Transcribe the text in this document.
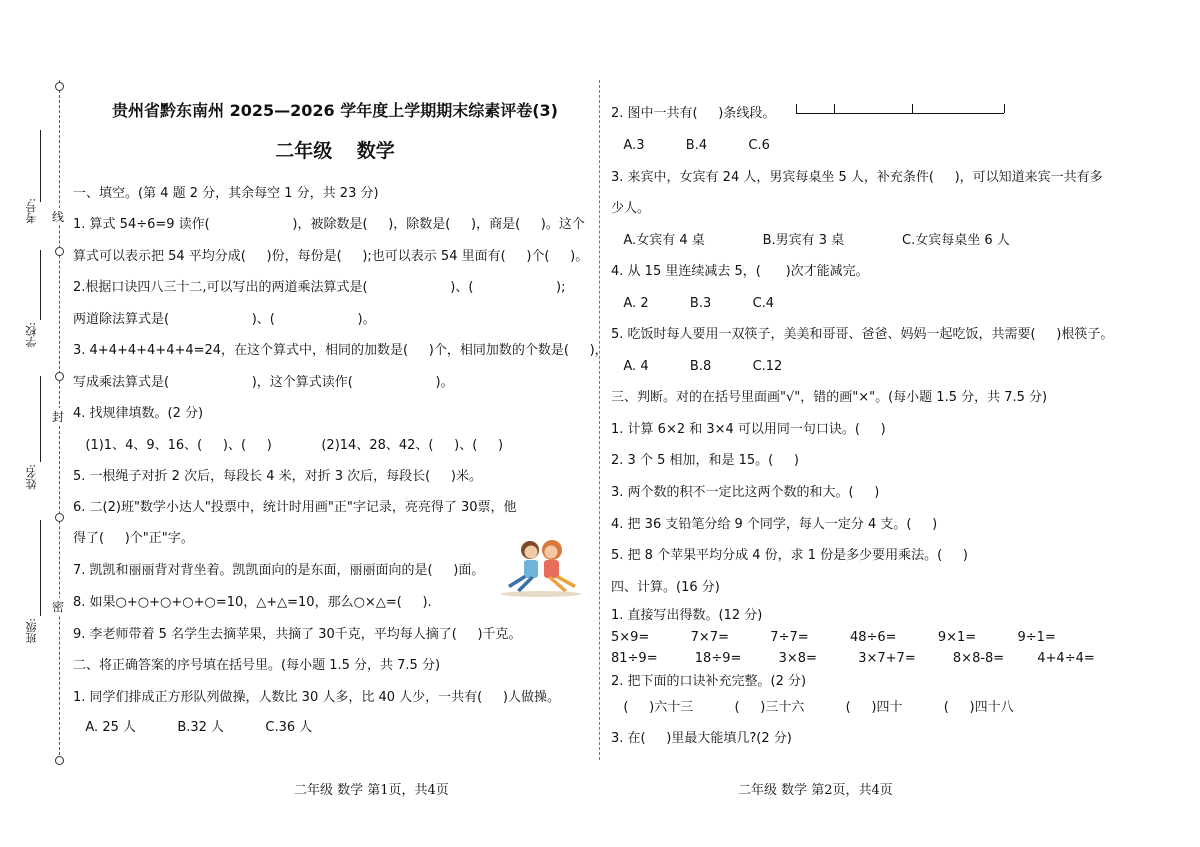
线
封
密
考号:
学校:
姓名:
班级:
贵州省黔东南州 2025—2026 学年度上学期期末综素评卷(3)
二年级 数学
一、填空。(第 4 题 2 分，其余每空 1 分，共 23 分)
1. 算式 54÷6=9 读作(                    )，被除数是(     )，除数是(     )，商是(     )。这个
算式可以表示把 54 平均分成(     )份，每份是(     );也可以表示 54 里面有(     )个(     )。
2.根据口诀四八三十二,可以写出的两道乘法算式是(                    )、(                    );
两道除法算式是(                    )、(                    )。
3. 4+4+4+4+4+4=24，在这个算式中，相同的加数是(     )个，相同加数的个数是(     )，
写成乘法算式是(                    )，这个算式读作(                    )。
4. 找规律填数。(2 分)
(1)1、4、9、16、(     )、(     )            (2)14、28、42、(     )、(     )
5. 一根绳子对折 2 次后，每段长 4 米，对折 3 次后，每段长(     )米。
6. 二(2)班"数学小达人"投票中，统计时用画"正"字记录，亮亮得了 30票，他
得了(     )个"正"字。
7. 凯凯和丽丽背对背坐着。凯凯面向的是东面，丽丽面向的是(     )面。
8. 如果○+○+○+○+○=10，△+△=10，那么○×△=(     ).
9. 李老师带着 5 名学生去摘苹果，共摘了 30千克，平均每人摘了(     )千克。
二、将正确答案的序号填在括号里。(每小题 1.5 分，共 7.5 分)
1. 同学们排成正方形队列做操，人数比 30 人多，比 40 人少，一共有(     )人做操。
A. 25 人          B.32 人          C.36 人
2. 图中一共有(     )条线段。
A.3          B.4          C.6
3. 来宾中，女宾有 24 人，男宾每桌坐 5 人，补充条件(     )，可以知道来宾一共有多
少人。
A.女宾有 4 桌              B.男宾有 3 桌              C.女宾每桌坐 6 人
4. 从 15 里连续减去 5，(      )次才能减完。
A. 2          B.3          C.4
5. 吃饭时每人要用一双筷子，美美和哥哥、爸爸、妈妈一起吃饭，共需要(     )根筷子。
A. 4          B.8          C.12
三、判断。对的在括号里面画"√"，错的画"×"。(每小题 1.5 分，共 7.5 分)
1. 计算 6×2 和 3×4 可以用同一句口诀。(     )
2. 3 个 5 相加，和是 15。(     )
3. 两个数的积不一定比这两个数的和大。(     )
4. 把 36 支铅笔分给 9 个同学，每人一定分 4 支。(     )
5. 把 8 个苹果平均分成 4 份，求 1 份是多少要用乘法。(     )
四、计算。(16 分)
1. 直接写出得数。(12 分)
5×9=          7×7=          7÷7=          48÷6=          9×1=          9÷1=
81÷9=         18÷9=         3×8=          3×7+7=         8×8-8=        4+4÷4=
2. 把下面的口诀补充完整。(2 分)
(     )六十三          (     )三十六          (     )四十          (     )四十八
3. 在(     )里最大能填几?(2 分)
二年级 数学 第1页，共4页	二年级 数学 第2页，共4页
